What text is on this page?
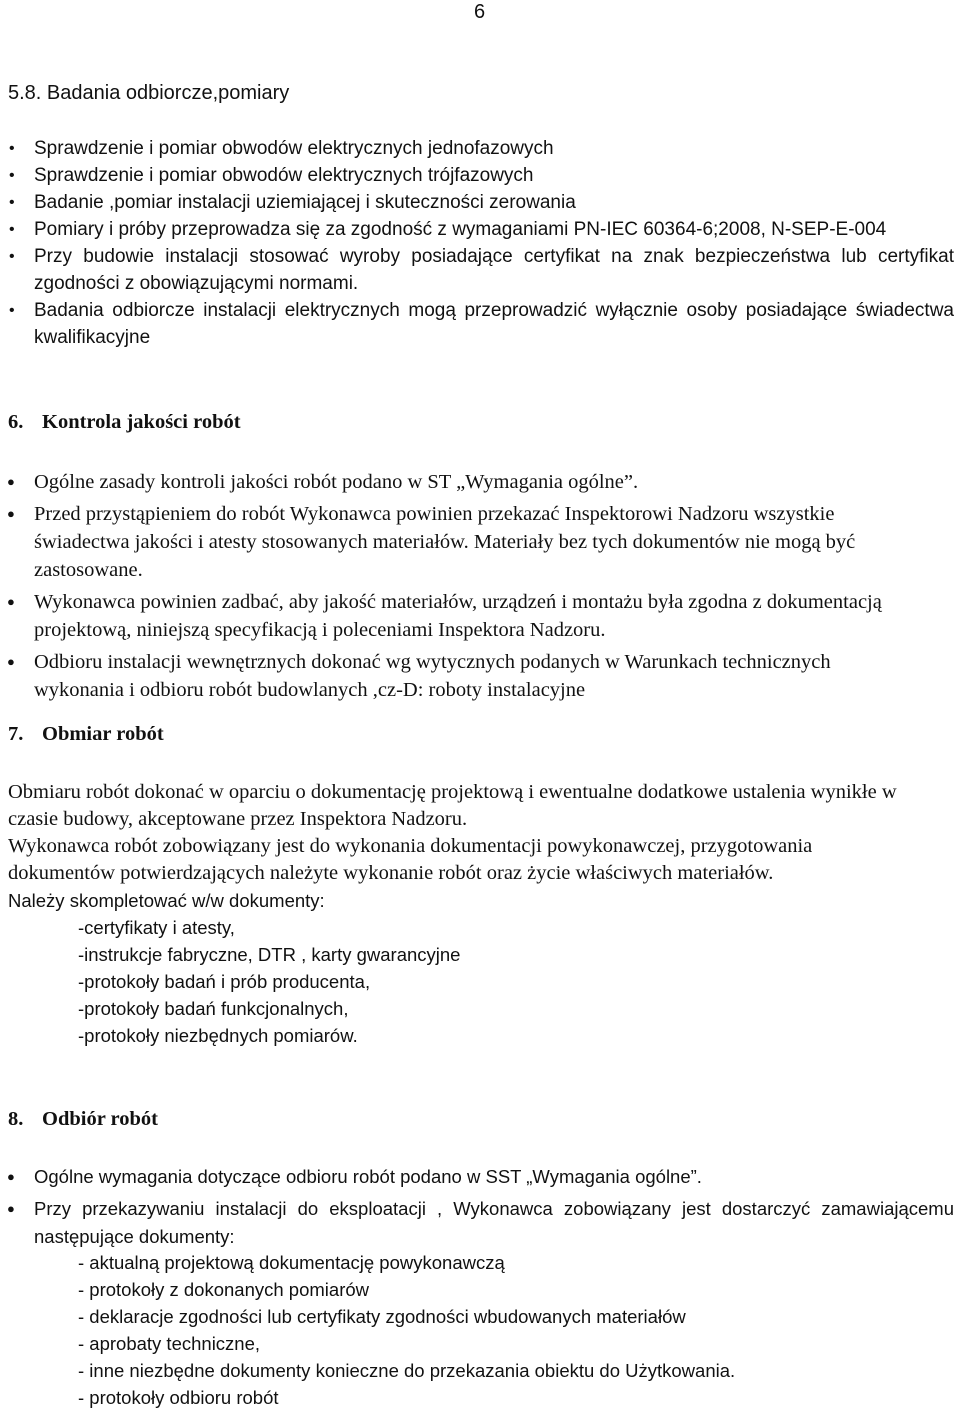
6
5.8. Badania odbiorcze,pomiary
• Sprawdzenie i pomiar obwodów elektrycznych jednofazowych
• Sprawdzenie i pomiar obwodów elektrycznych trójfazowych
• Badanie ,pomiar instalacji uziemiającej i skuteczności zerowania
• Pomiary i próby przeprowadza się za zgodność z wymaganiami PN-IEC 60364-6;2008, N-SEP-E-004
• Przy budowie instalacji stosować wyroby posiadające certyfikat na znak bezpieczeństwa lub certyfikat zgodności z obowiązującymi normami.
• Badania odbiorcze instalacji elektrycznych mogą przeprowadzić wyłącznie osoby posiadające świadectwa kwalifikacyjne
6. Kontrola jakości robót
● Ogólne zasady kontroli jakości robót podano w ST „Wymagania ogólne”.
● Przed przystąpieniem do robót Wykonawca powinien przekazać Inspektorowi Nadzoru wszystkie świadectwa jakości i atesty stosowanych materiałów. Materiały bez tych dokumentów nie mogą być zastosowane.
● Wykonawca powinien zadbać, aby jakość materiałów, urządzeń i montażu była zgodna z dokumentacją projektową, niniejszą specyfikacją i poleceniami Inspektora Nadzoru.
● Odbioru instalacji wewnętrznych dokonać wg wytycznych podanych w Warunkach technicznych wykonania i odbioru robót budowlanych ,cz-D: roboty instalacyjne
7. Obmiar robót
Obmiaru robót dokonać w oparciu o dokumentację projektową i ewentualne dodatkowe ustalenia wynikłe w czasie budowy, akceptowane przez Inspektora Nadzoru.
Wykonawca robót zobowiązany jest do wykonania dokumentacji powykonawczej, przygotowania dokumentów potwierdzających należyte wykonanie robót oraz życie właściwych materiałów.
Należy skompletować w/w dokumenty:
-certyfikaty i atesty,
-instrukcje fabryczne, DTR , karty gwarancyjne
-protokoły badań i prób producenta,
-protokoły badań funkcjonalnych,
-protokoły niezbędnych pomiarów.
8. Odbiór robót
● Ogólne wymagania dotyczące odbioru robót podano w SST „Wymagania ogólne”.
● Przy przekazywaniu instalacji do eksploatacji , Wykonawca zobowiązany jest dostarczyć zamawiającemu następujące dokumenty:
- aktualną projektową dokumentację powykonawczą
- protokoły z dokonanych pomiarów
- deklaracje zgodności lub certyfikaty zgodności wbudowanych materiałów
- aprobaty techniczne,
- inne niezbędne dokumenty konieczne do przekazania obiektu do Użytkowania.
- protokoły odbioru robót
